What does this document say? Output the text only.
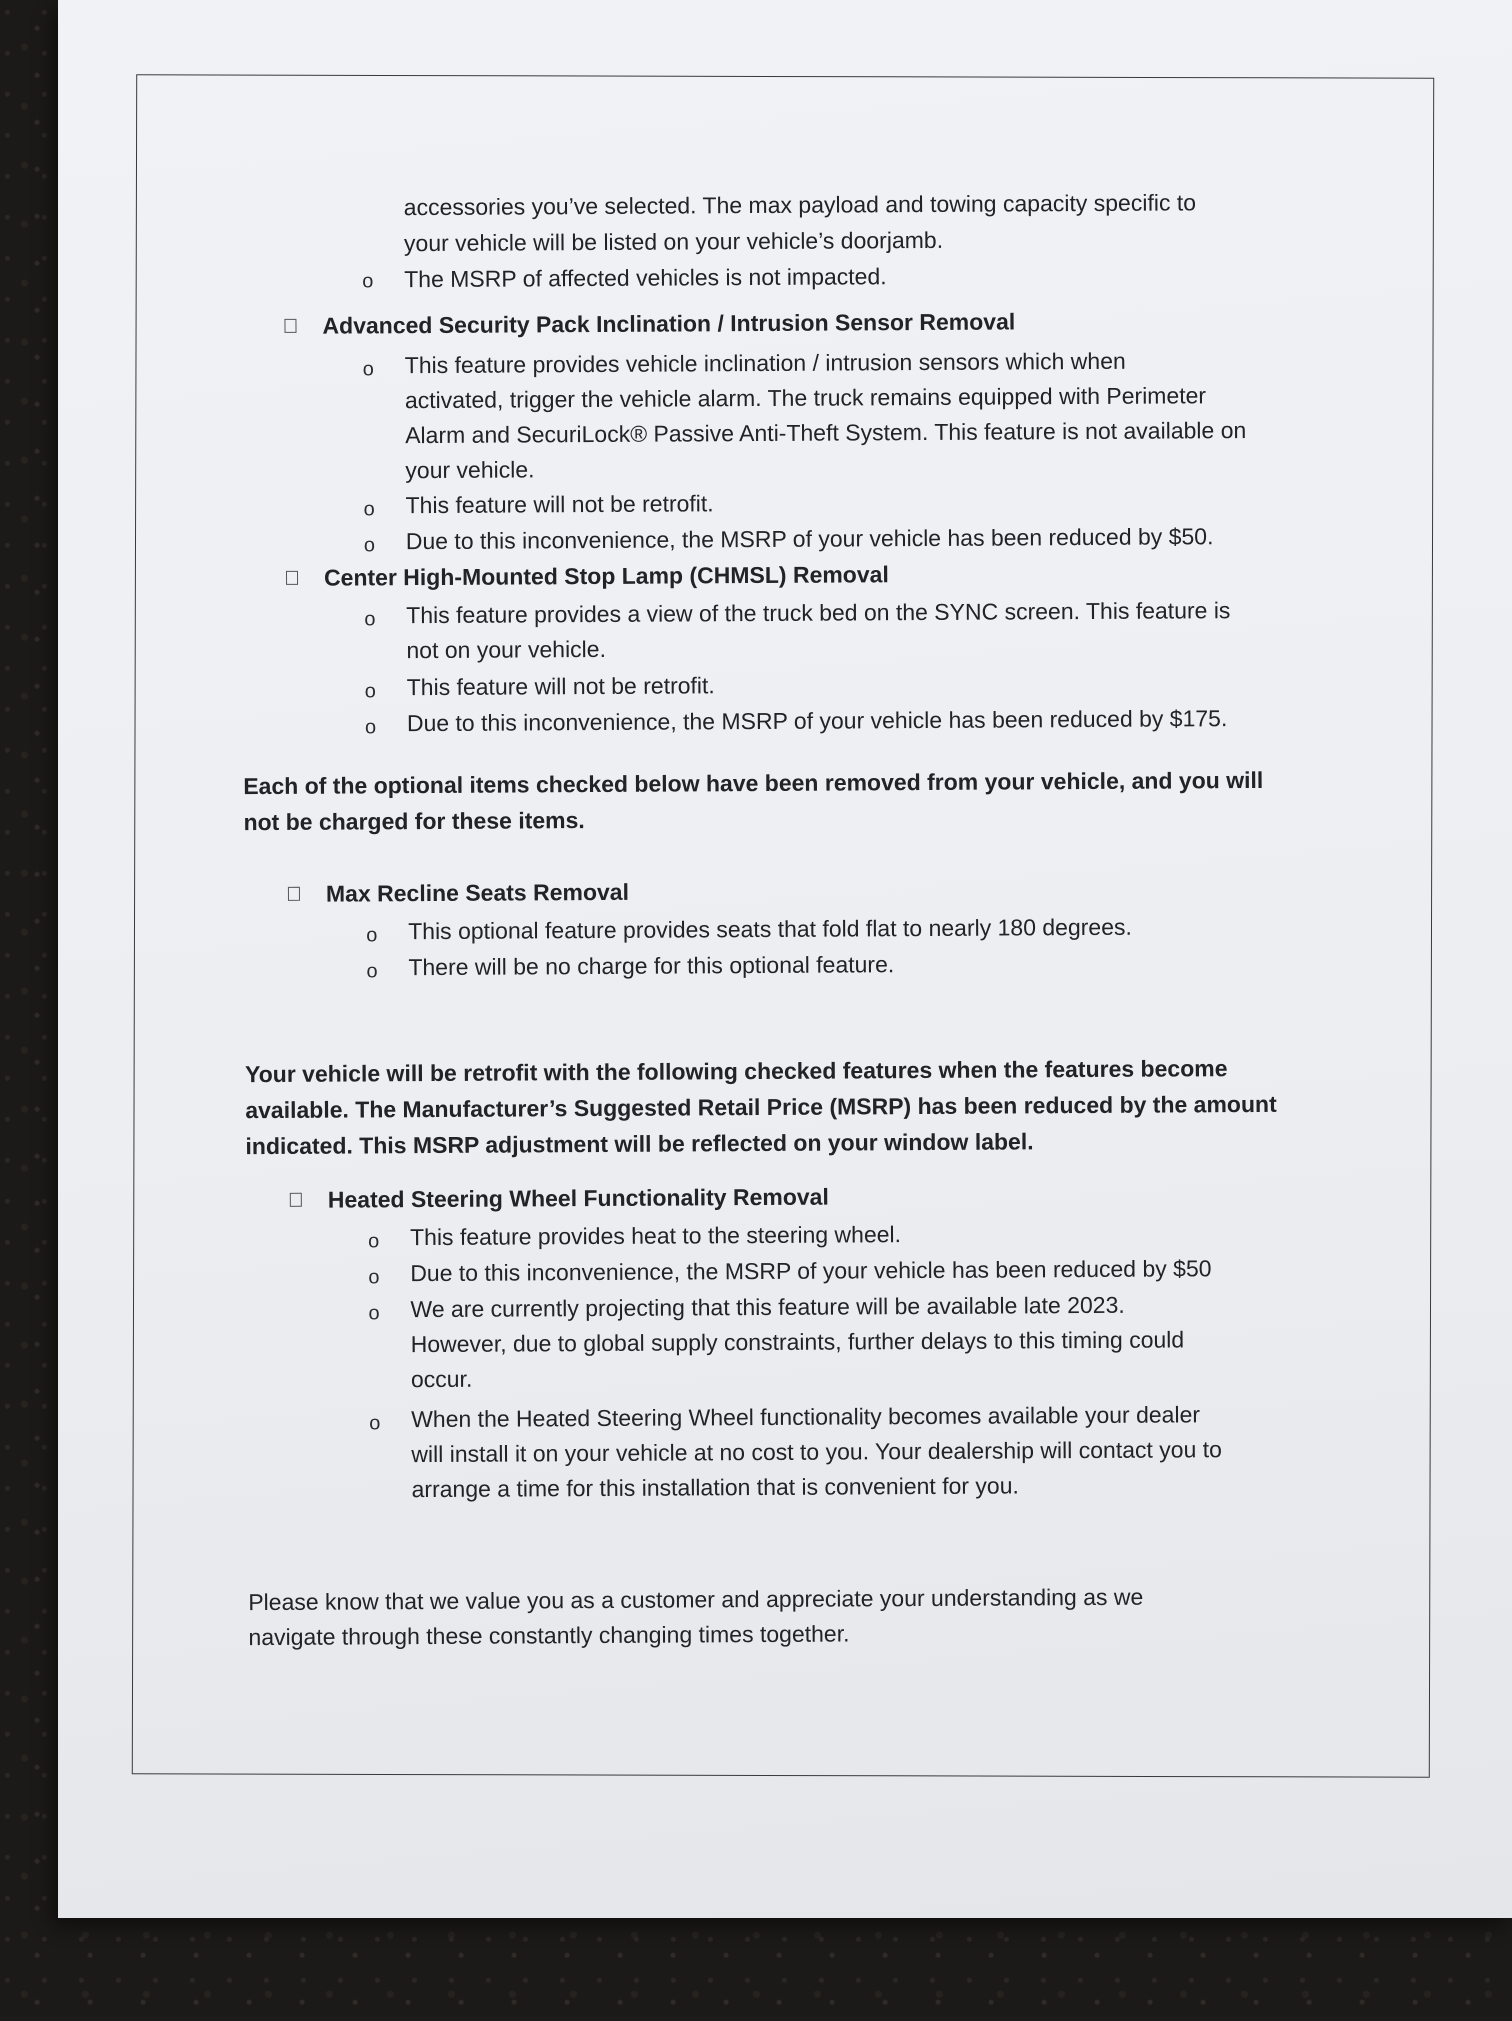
accessories you’ve selected. The max payload and towing capacity specific to
your vehicle will be listed on your vehicle’s doorjamb.
o The MSRP of affected vehicles is not impacted.
Advanced Security Pack Inclination / Intrusion Sensor Removal
o This feature provides vehicle inclination / intrusion sensors which when
activated, trigger the vehicle alarm. The truck remains equipped with Perimeter
Alarm and SecuriLock® Passive Anti-Theft System. This feature is not available on
your vehicle.
o This feature will not be retrofit.
o Due to this inconvenience, the MSRP of your vehicle has been reduced by $50.
Center High-Mounted Stop Lamp (CHMSL) Removal
o This feature provides a view of the truck bed on the SYNC screen. This feature is
not on your vehicle.
o This feature will not be retrofit.
o Due to this inconvenience, the MSRP of your vehicle has been reduced by $175.
Each of the optional items checked below have been removed from your vehicle, and you will
not be charged for these items.
Max Recline Seats Removal
o This optional feature provides seats that fold flat to nearly 180 degrees.
o There will be no charge for this optional feature.
Your vehicle will be retrofit with the following checked features when the features become
available. The Manufacturer’s Suggested Retail Price (MSRP) has been reduced by the amount
indicated. This MSRP adjustment will be reflected on your window label.
Heated Steering Wheel Functionality Removal
o This feature provides heat to the steering wheel.
o Due to this inconvenience, the MSRP of your vehicle has been reduced by $50
o We are currently projecting that this feature will be available late 2023.
However, due to global supply constraints, further delays to this timing could
occur.
o When the Heated Steering Wheel functionality becomes available your dealer
will install it on your vehicle at no cost to you. Your dealership will contact you to
arrange a time for this installation that is convenient for you.
Please know that we value you as a customer and appreciate your understanding as we
navigate through these constantly changing times together.
